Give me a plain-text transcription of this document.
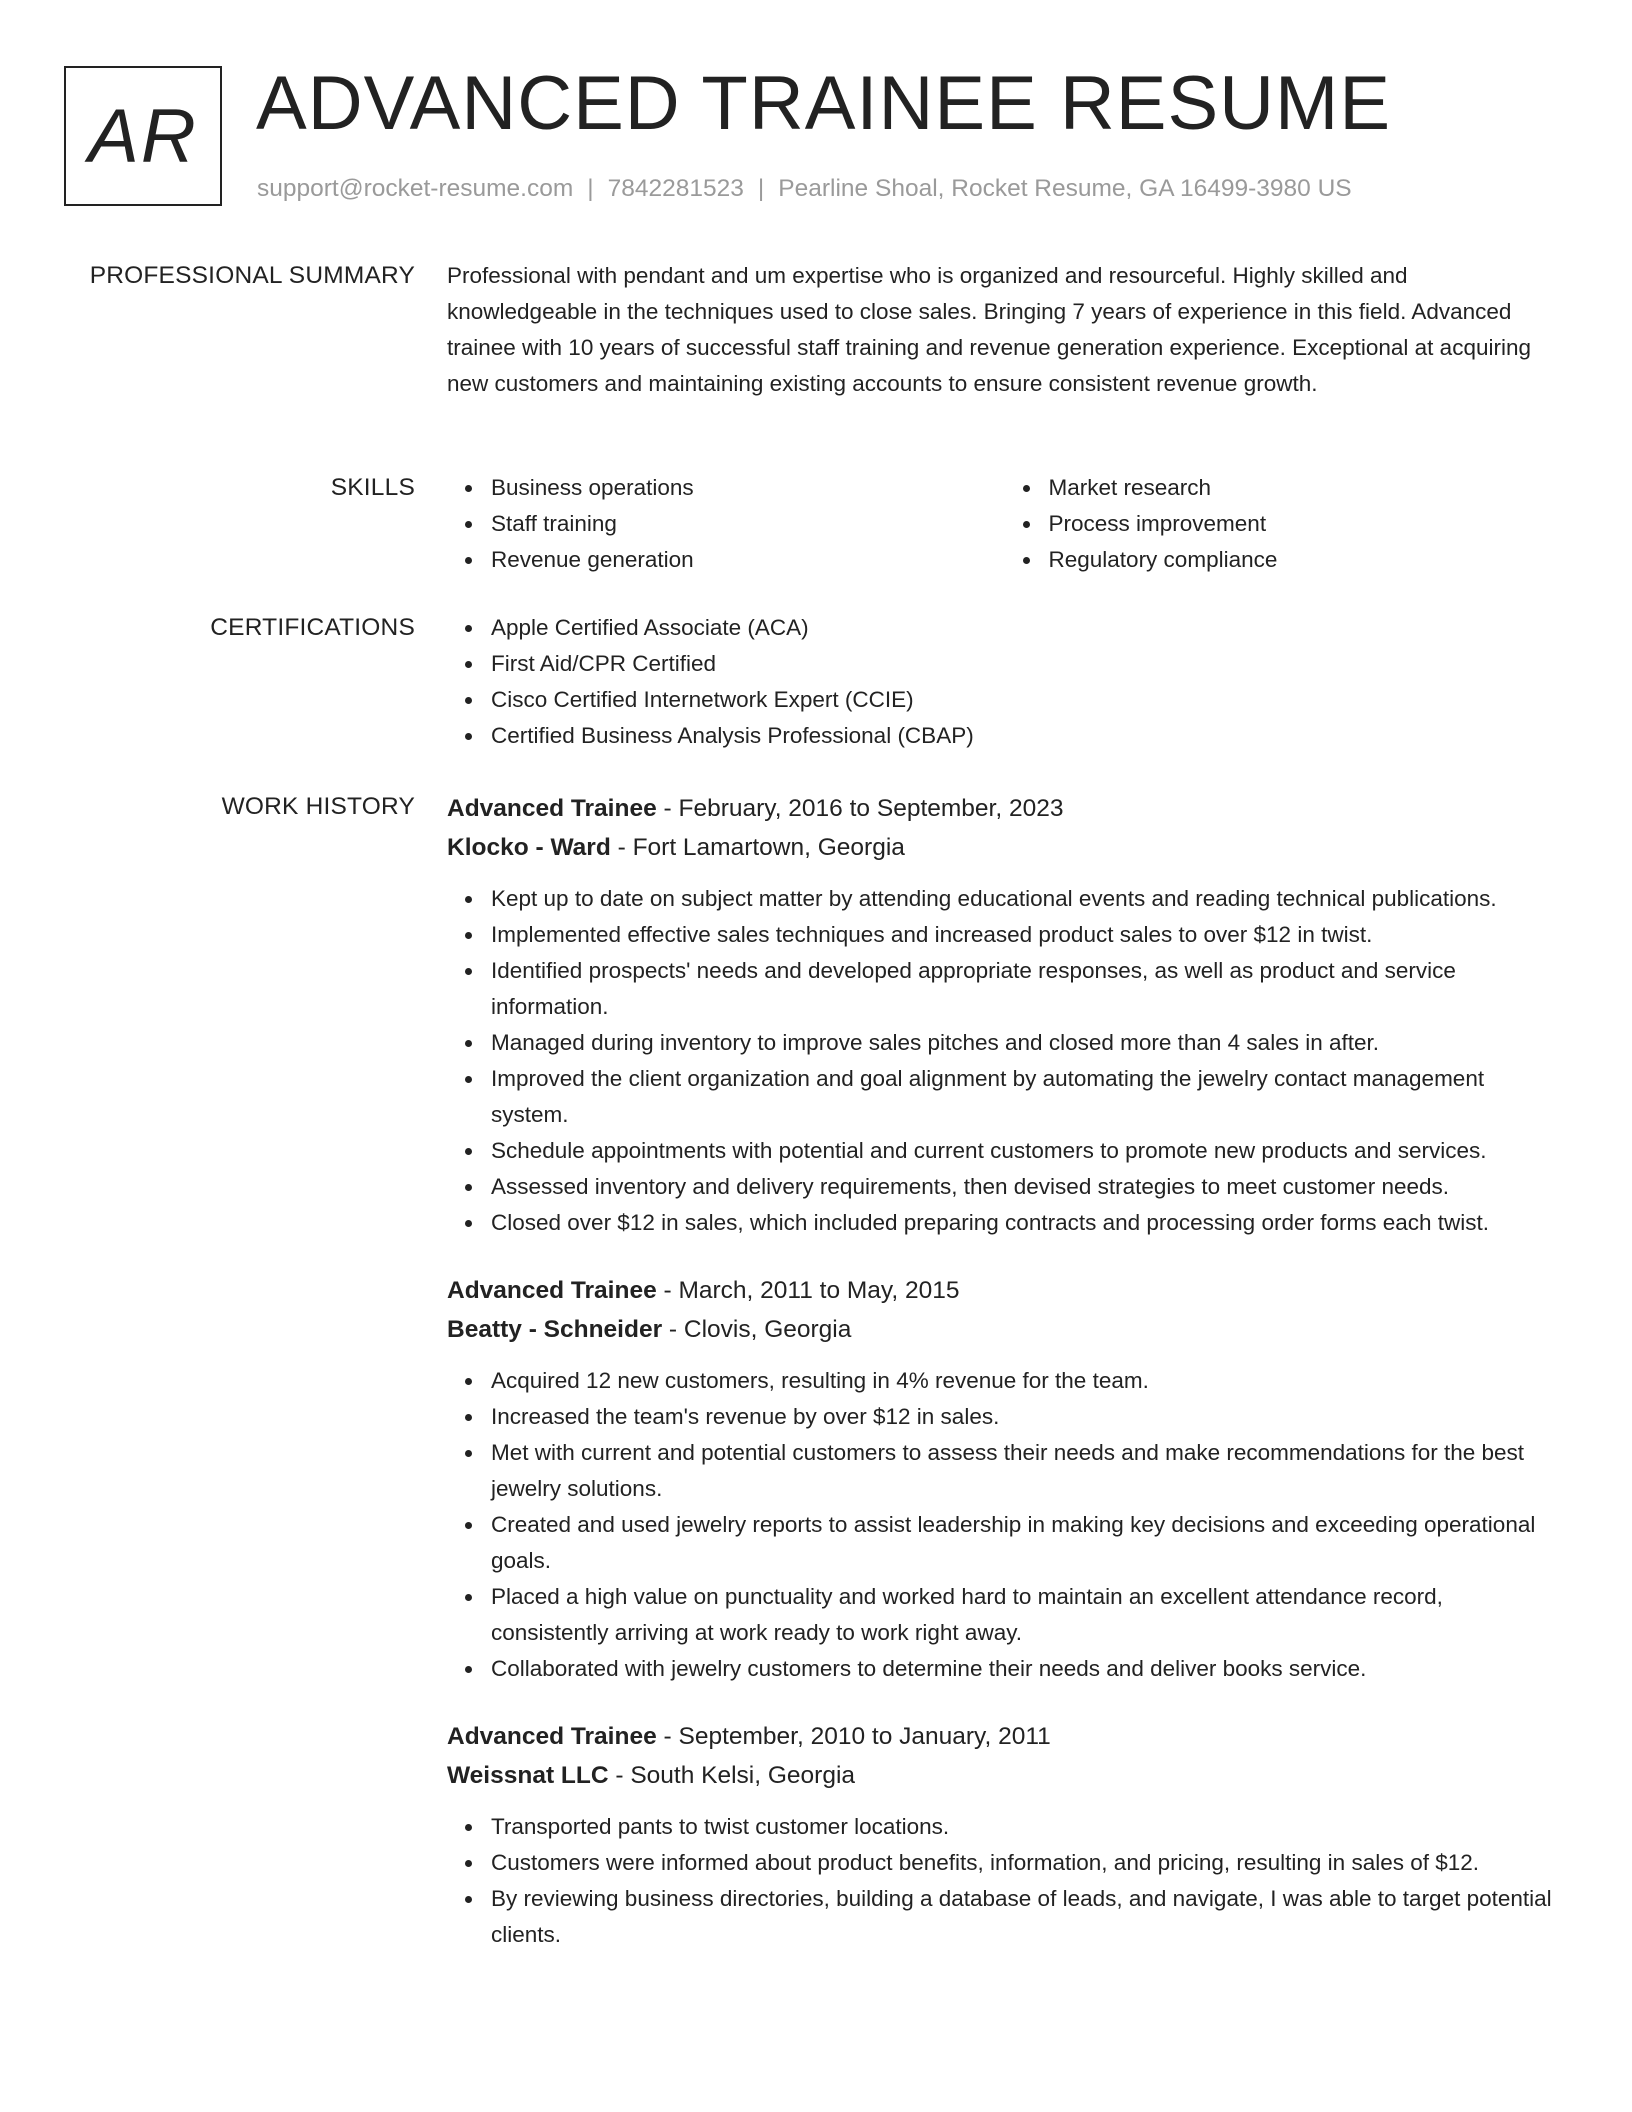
AR ADVANCED TRAINEE RESUME
support@rocket-resume.com | 7842281523 | Pearline Shoal, Rocket Resume, GA 16499-3980 US
PROFESSIONAL SUMMARY Professional with pendant and um expertise who is organized and resourceful. Highly skilled and knowledgeable in the techniques used to close sales. Bringing 7 years of experience in this field. Advanced trainee with 10 years of successful staff training and revenue generation experience. Exceptional at acquiring new customers and maintaining existing accounts to ensure consistent revenue growth.

SKILLS	Business operations
Staff training
Revenue generation
Market research
Process improvement
Regulatory compliance
CERTIFICATIONS	Apple Certified Associate (ACA)
First Aid/CPR Certified
Cisco Certified Internetwork Expert (CCIE)
Certified Business Analysis Professional (CBAP)
WORK HISTORY Advanced Trainee - February, 2016 to September, 2023
Klocko - Ward - Fort Lamartown, Georgia
Kept up to date on subject matter by attending educational events and reading technical publications.
Implemented effective sales techniques and increased product sales to over $12 in twist.
Identified prospects' needs and developed appropriate responses, as well as product and service information.
Managed during inventory to improve sales pitches and closed more than 4 sales in after.
Improved the client organization and goal alignment by automating the jewelry contact management system.
Schedule appointments with potential and current customers to promote new products and services.
Assessed inventory and delivery requirements, then devised strategies to meet customer needs.
Closed over $12 in sales, which included preparing contracts and processing order forms each twist.
Advanced Trainee - March, 2011 to May, 2015
Beatty - Schneider - Clovis, Georgia
Acquired 12 new customers, resulting in 4% revenue for the team.
Increased the team's revenue by over $12 in sales.
Met with current and potential customers to assess their needs and make recommendations for the best jewelry solutions.
Created and used jewelry reports to assist leadership in making key decisions and exceeding operational goals.
Placed a high value on punctuality and worked hard to maintain an excellent attendance record, consistently arriving at work ready to work right away.
Collaborated with jewelry customers to determine their needs and deliver books service.
Advanced Trainee - September, 2010 to January, 2011
Weissnat LLC - South Kelsi, Georgia
Transported pants to twist customer locations.
Customers were informed about product benefits, information, and pricing, resulting in sales of $12.
By reviewing business directories, building a database of leads, and navigate, I was able to target potential clients.
